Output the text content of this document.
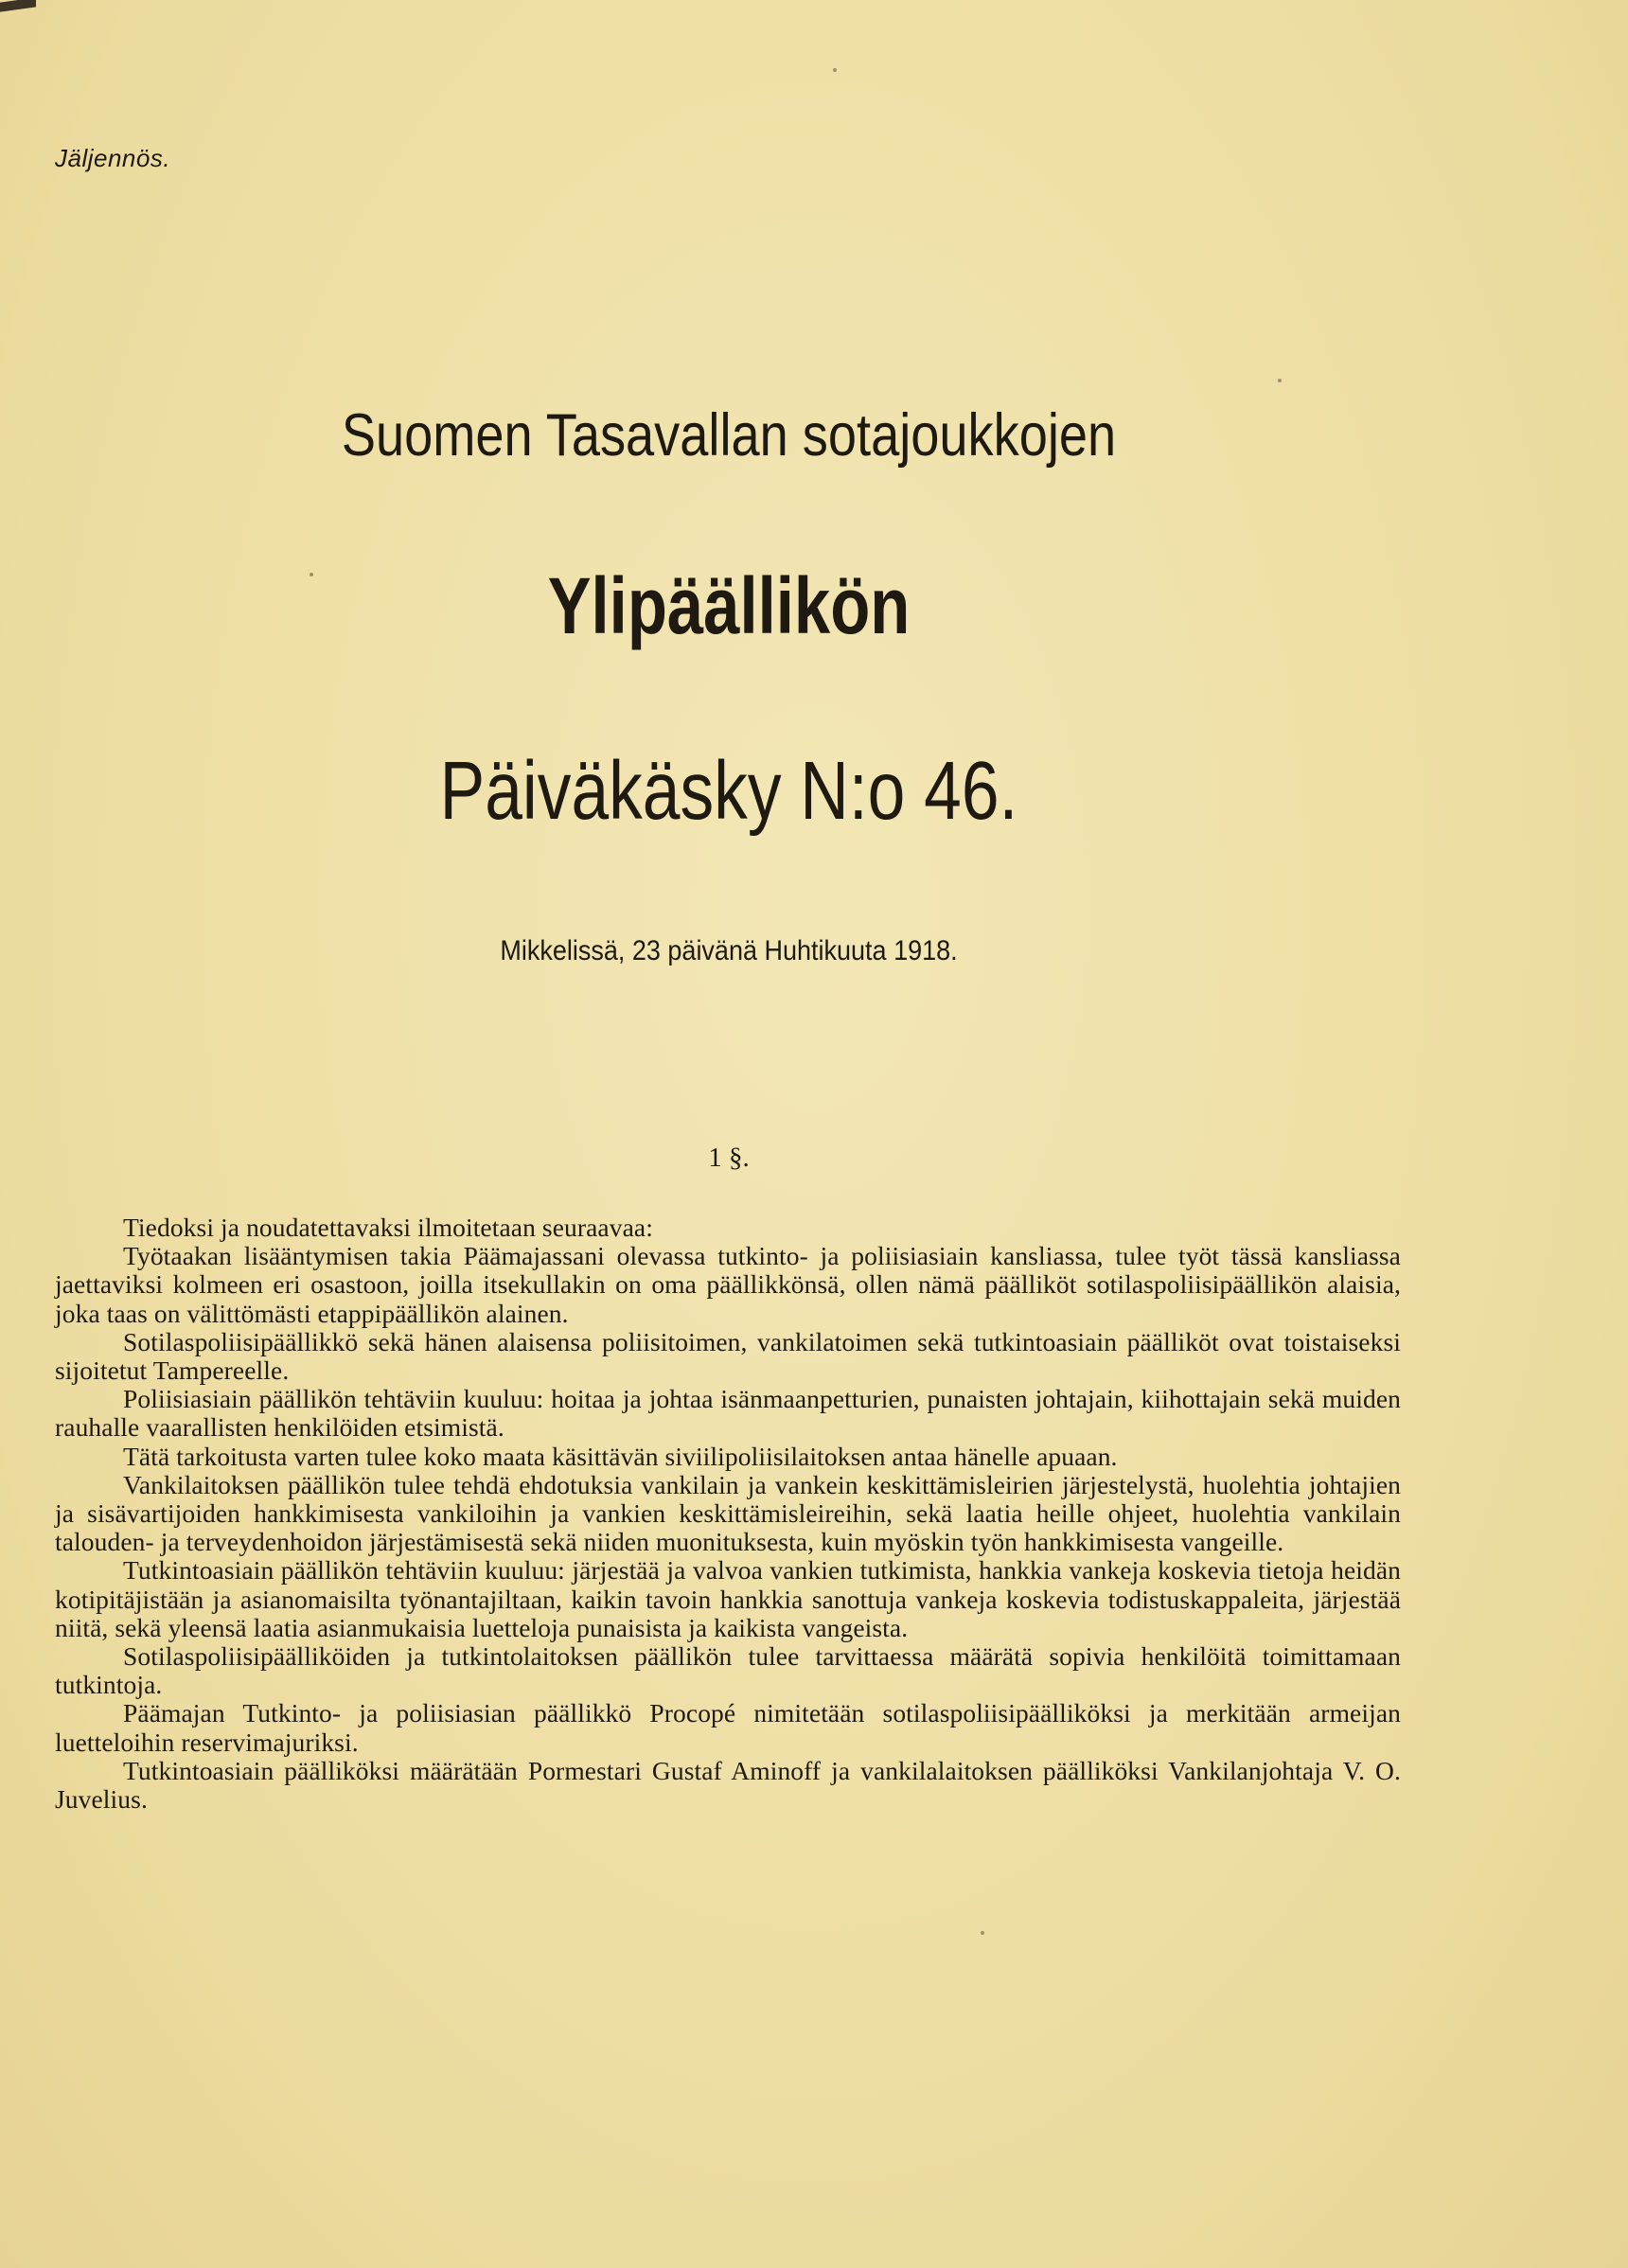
Jäljennös.
Suomen Tasavallan sotajoukkojen
Ylipäällikön
Päiväkäsky N:o 46.
Mikkelissä, 23 päivänä Huhtikuuta 1918.
1 §.

Tiedoksi ja noudatettavaksi ilmoitetaan seuraavaa:

Työtaakan lisääntymisen takia Päämajassani olevassa tutkinto- ja poliisiasiain kansliassa, tulee työt tässä kansliassa jaettaviksi kolmeen eri osastoon, joilla itsekullakin on oma päällikkönsä, ollen nämä päälliköt sotilaspoliisipäällikön alaisia, joka taas on välittömästi etappipäällikön alainen.

Sotilaspoliisipäällikkö sekä hänen alaisensa poliisitoimen, vankilatoimen sekä tutkintoasiain päälliköt ovat toistaiseksi sijoitetut Tampereelle.

Poliisiasiain päällikön tehtäviin kuuluu: hoitaa ja johtaa isänmaanpetturien, punaisten johtajain, kiihottajain sekä muiden rauhalle vaarallisten henkilöiden etsimistä.

Tätä tarkoitusta varten tulee koko maata käsittävän siviilipoliisilaitoksen antaa hänelle apuaan.

Vankilaitoksen päällikön tulee tehdä ehdotuksia vankilain ja vankein keskittämisleirien järjestelystä, huolehtia johtajien ja sisävartijoiden hankkimisesta vankiloihin ja vankien keskittämisleireihin, sekä laatia heille ohjeet, huolehtia vankilain talouden- ja terveydenhoidon järjestämisestä sekä niiden muonituksesta, kuin myöskin työn hankkimisesta vangeille.

Tutkintoasiain päällikön tehtäviin kuuluu: järjestää ja valvoa vankien tutkimista, hankkia vankeja koskevia tietoja heidän kotipitäjistään ja asianomaisilta työnantajiltaan, kaikin tavoin hankkia sanottuja vankeja koskevia todistuskappaleita, järjestää niitä, sekä yleensä laatia asianmukaisia luetteloja punaisista ja kaikista vangeista.

Sotilaspoliisipäälliköiden ja tutkintolaitoksen päällikön tulee tarvittaessa määrätä sopivia henkilöitä toimittamaan tutkintoja.

Päämajan Tutkinto- ja poliisiasian päällikkö Procopé nimitetään sotilaspoliisipäälliköksi ja merkitään armeijan luetteloihin reservimajuriksi.

Tutkintoasiain päälliköksi määrätään Pormestari Gustaf Aminoff ja vankilalaitoksen päälliköksi Vankilanjohtaja V. O. Juvelius.
